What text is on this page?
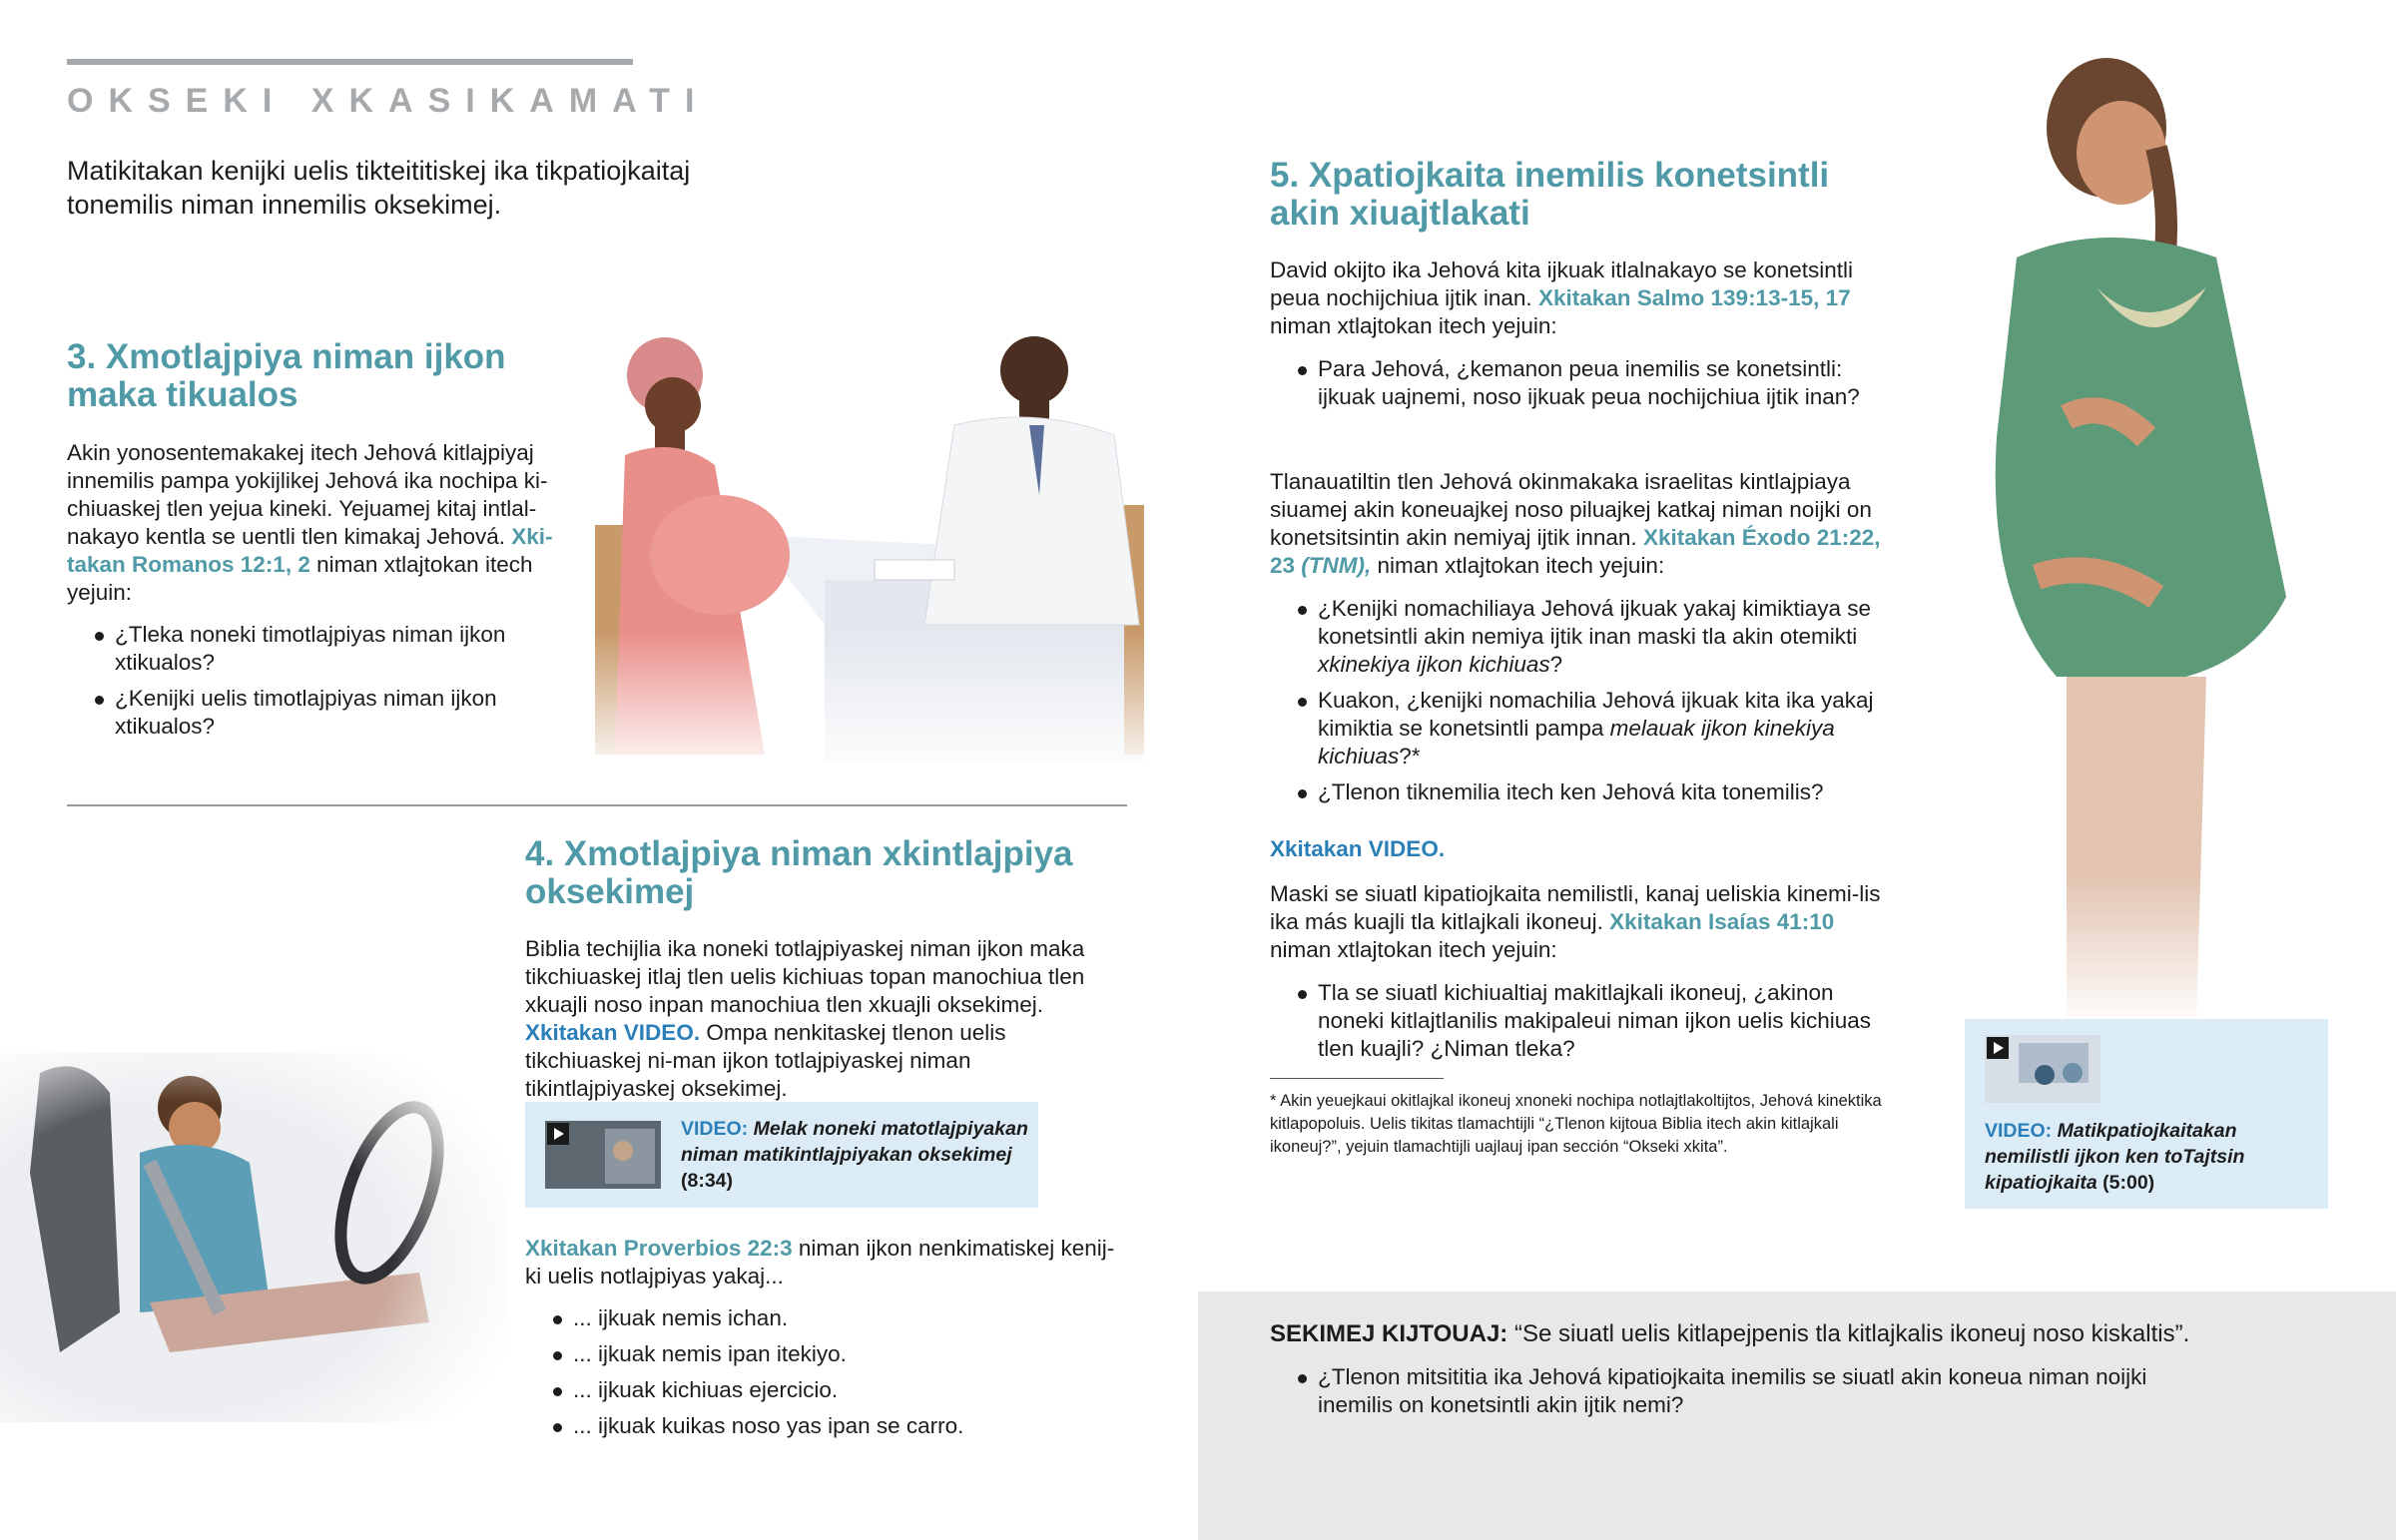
OKSEKI XKASIKAMATI
Matikitakan kenijki uelis tikteititiskej ika tikpatiojkaitaj tonemilis niman innemilis oksekimej.
3. Xmotlajpiya niman ijkon maka tikualos
Akin yonosentemakakej itech Jehová kitlajpiyaj innemilis pampa yokijlikej Jehová ika nochipa ki-chiuaskej tlen yejua kineki. Yejuamej kitaj intlal-nakayo kentla se uentli tlen kimakaj Jehová. Xki-takan Romanos 12:1, 2 niman xtlajtokan itech yejuin:
¿Tleka noneki timotlajpiyas niman ijkon xtikualos?
¿Kenijki uelis timotlajpiyas niman ijkon xtikualos?
4. Xmotlajpiya niman xkintlajpiya oksekimej
Biblia techijlia ika noneki totlajpiyaskej niman ijkon maka tikchiuaskej itlaj tlen uelis kichiuas topan manochiua tlen xkuajli noso inpan manochiua tlen xkuajli oksekimej. Xkitakan VIDEO. Ompa nenkitaskej tlenon uelis tikchiuaskej ni-man ijkon totlajpiyaskej niman tikintlajpiyaskej oksekimej.
VIDEO: Melak noneki matotlajpiyakan niman matikintlajpiyakan oksekimej (8:34)
Xkitakan Proverbios 22:3 niman ijkon nenkimatiskej kenij-ki uelis notlajpiyas yakaj...
... ijkuak nemis ichan.
... ijkuak nemis ipan itekiyo.
... ijkuak kichiuas ejercicio.
... ijkuak kuikas noso yas ipan se carro.
5. Xpatiojkaita inemilis konetsintli akin xiuajtlakati
David okijto ika Jehová kita ijkuak itlalnakayo se konetsintli peua nochijchiua ijtik inan. Xkitakan Salmo 139:13-15, 17 niman xtlajtokan itech yejuin:
Para Jehová, ¿kemanon peua inemilis se konetsintli: ijkuak uajnemi, noso ijkuak peua nochijchiua ijtik inan?
Tlanauatiltin tlen Jehová okinmakaka israelitas kintlajpiaya siuamej akin koneuajkej noso piluajkej katkaj niman noijki on konetsitsintin akin nemiyaj ijtik innan. Xkitakan Éxodo 21:22, 23 (TNM), niman xtlajtokan itech yejuin:
¿Kenijki nomachiliaya Jehová ijkuak yakaj kimiktiaya se konetsintli akin nemiya ijtik inan maski tla akin otemikti xkinekiya ijkon kichiuas?
Kuakon, ¿kenijki nomachilia Jehová ijkuak kita ika yakaj kimiktia se konetsintli pampa melauak ijkon kinekiya kichiuas?*
¿Tlenon tiknemilia itech ken Jehová kita tonemilis?
Xkitakan VIDEO.
Maski se siuatl kipatiojkaita nemilistli, kanaj ueliskia kinemi-lis ika más kuajli tla kitlajkali ikoneuj. Xkitakan Isaías 41:10 niman xtlajtokan itech yejuin:
Tla se siuatl kichiualtiaj makitlajkali ikoneuj, ¿akinon noneki kitlajtlanilis makipaleui niman ijkon uelis kichiuas tlen kuajli? ¿Niman tleka?
* Akin yeuejkaui okitlajkal ikoneuj xnoneki nochipa notlajtlakoltijtos, Jehová kinektika kitlapopoluis. Uelis tikitas tlamachtijli “¿Tlenon kijtoua Biblia itech akin kitlajkali ikoneuj?”, yejuin tlamachtijli uajlauj ipan sección “Okseki xkita”.
VIDEO: Matikpatiojkaitakan nemilistli ijkon ken toTajtsin kipatiojkaita (5:00)
SEKIMEJ KIJTOUAJ: “Se siuatl uelis kitlapejpenis tla kitlajkalis ikoneuj noso kiskaltis”.
¿Tlenon mitsititia ika Jehová kipatiojkaita inemilis se siuatl akin koneua niman noijki inemilis on konetsintli akin ijtik nemi?
